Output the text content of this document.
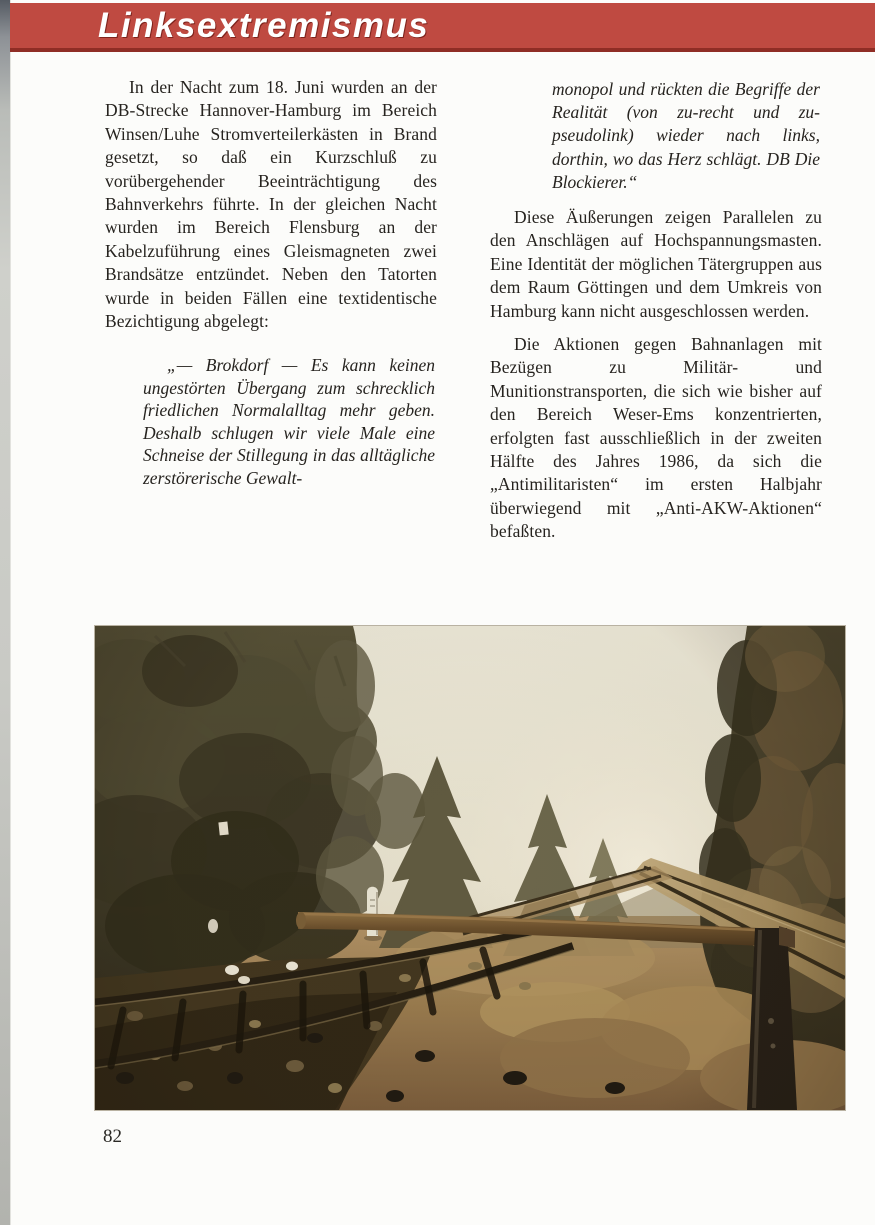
Linksextremismus

In der Nacht zum 18. Juni wurden an der DB-Strecke Hannover-Hamburg im Bereich Winsen/Luhe Stromverteilerkästen in Brand gesetzt, so daß ein Kurzschluß zu vorübergehender Beeinträchtigung des Bahnverkehrs führte. In der gleichen Nacht wurden im Bereich Flensburg an der Kabelzuführung eines Gleismagneten zwei Brandsätze entzündet. Neben den Tatorten wurde in beiden Fällen eine textidentische Bezichtigung abgelegt:

„— Brokdorf — Es kann keinen ungestörten Übergang zum schrecklich friedlichen Normalalltag mehr geben. Deshalb schlugen wir viele Male eine Schneise der Stillegung in das alltägliche zerstörerische Gewalt-
monopol und rückten die Begriffe der Realität (von zu-recht und zu-pseudolink) wieder nach links, dorthin, wo das Herz schlägt. DB Die Blockierer.“

Diese Äußerungen zeigen Parallelen zu den Anschlägen auf Hochspannungsmasten. Eine Identität der möglichen Tätergruppen aus dem Raum Göttingen und dem Umkreis von Hamburg kann nicht ausgeschlossen werden.

Die Aktionen gegen Bahnanlagen mit Bezügen zu Militär- und Munitionstransporten, die sich wie bisher auf den Bereich Weser-Ems konzentrierten, erfolgten fast ausschließlich in der zweiten Hälfte des Jahres 1986, da sich die „Antimilitaristen“ im ersten Halbjahr überwiegend mit „Anti-AKW-Aktionen“ befaßten.

82
